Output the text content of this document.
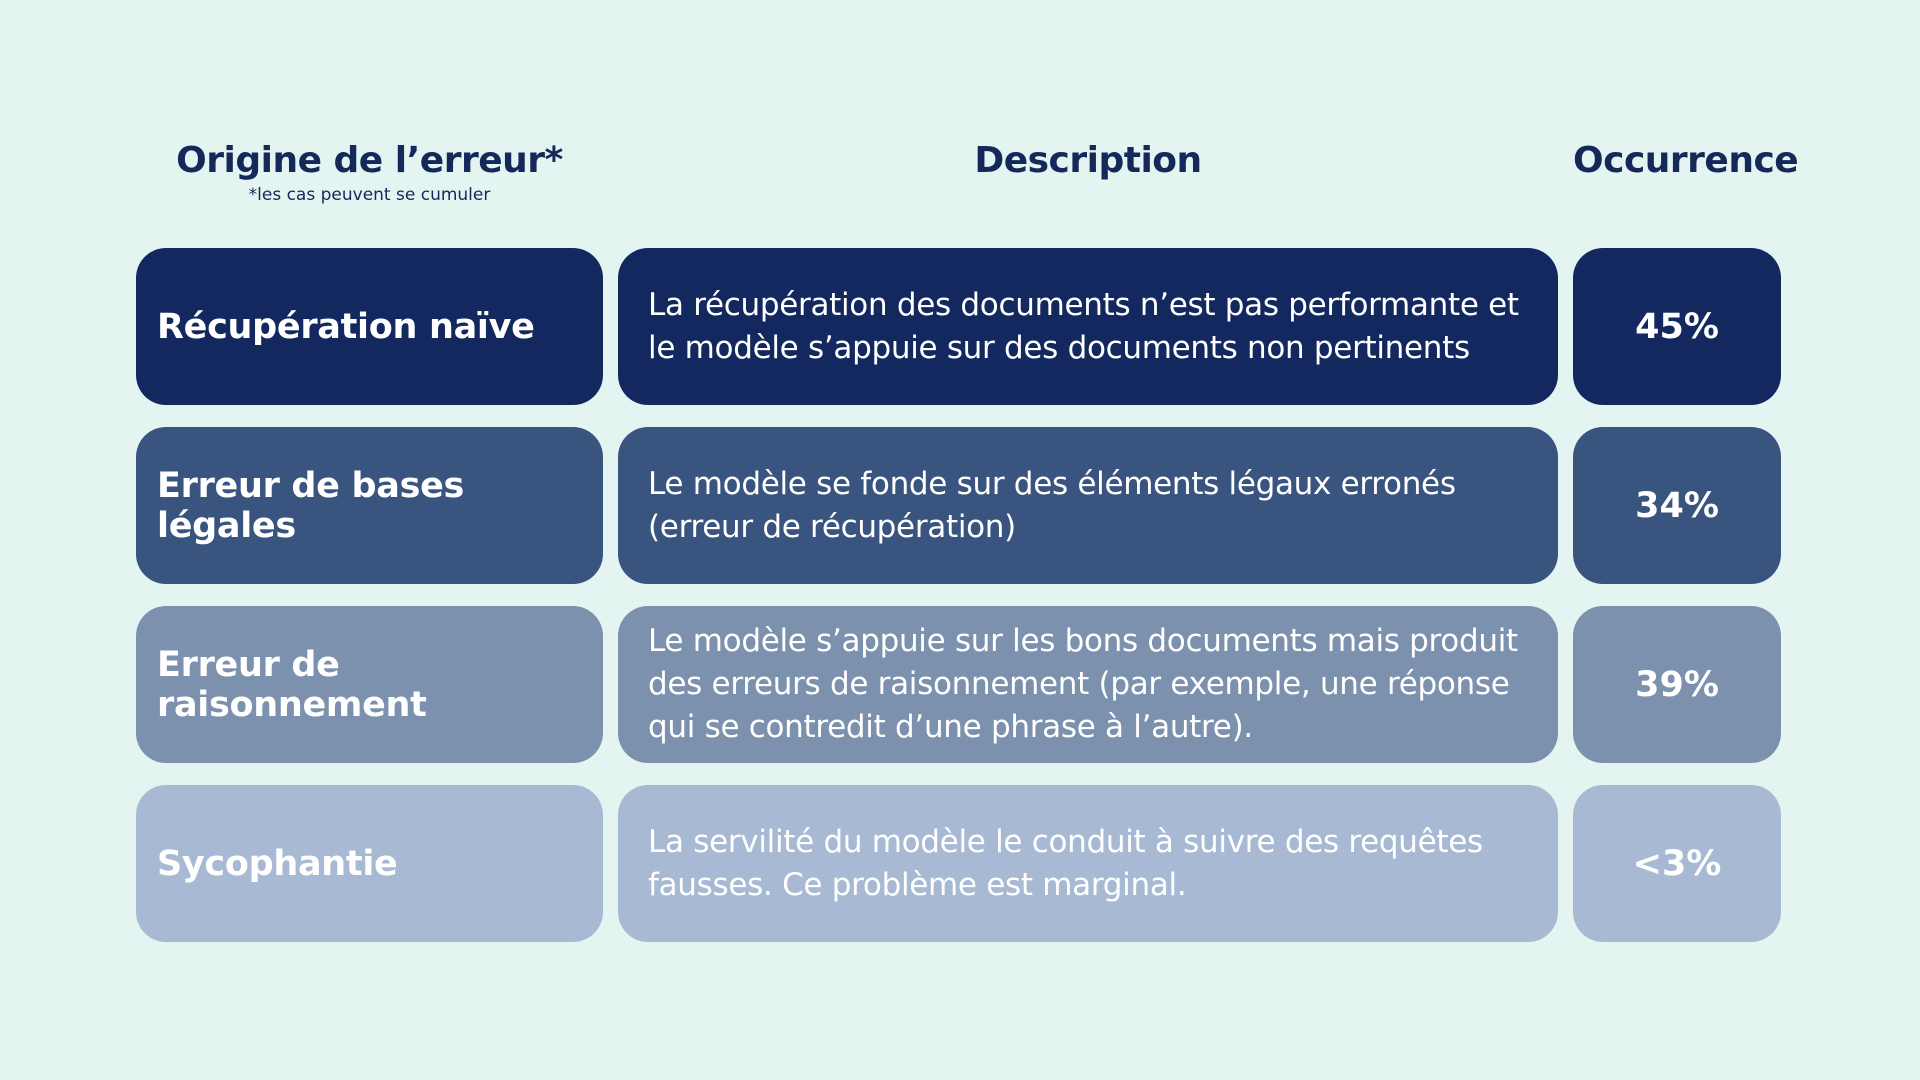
Origine de l’erreur*
*les cas peuvent se cumuler
Description	Occurrence
Récupération naïve
La récupération des documents n’est pas performante et le modèle s’appuie sur des documents non pertinents
45%
Erreur de bases légales
Le modèle se fonde sur des éléments légaux erronés (erreur de récupération)
34%
Erreur de raisonnement
Le modèle s’appuie sur les bons documents mais produit des erreurs de raisonnement (par exemple, une réponse qui se contredit d’une phrase à l’autre).
39%
Sycophantie
La servilité du modèle le conduit à suivre des requêtes fausses. Ce problème est marginal.
<3%
